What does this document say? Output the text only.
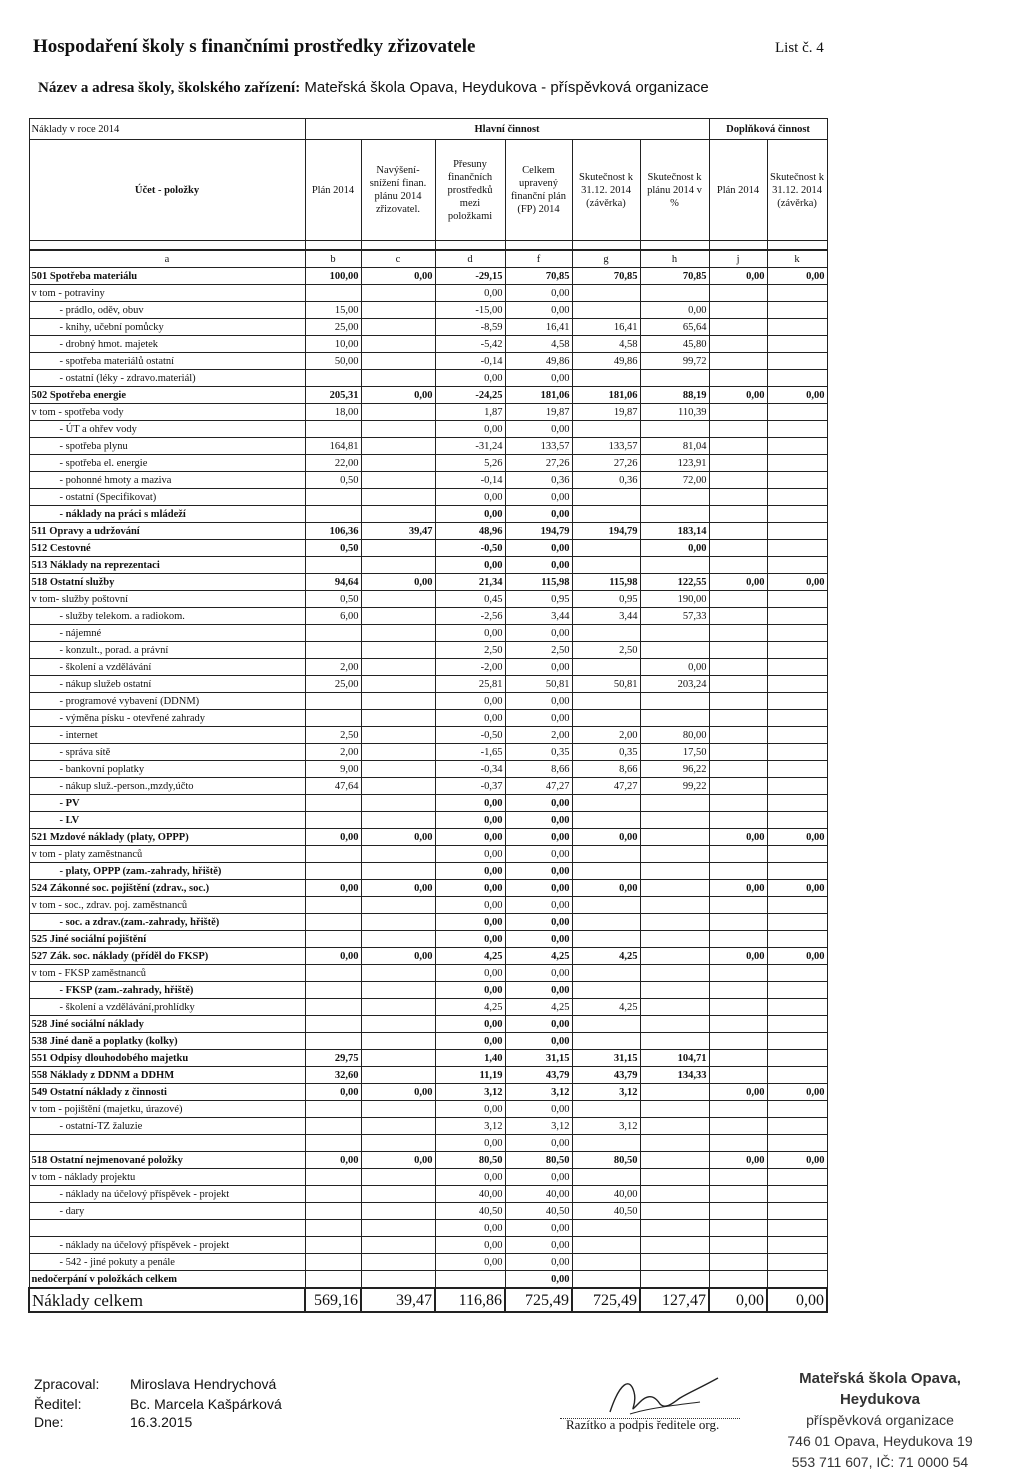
Hospodaření školy s finančními prostředky zřizovatele	List č. 4
Název a adresa školy, školského zařízení: Mateřská škola Opava, Heydukova - příspěvková organizace
Náklady v roce 2014	Hlavní činnost						Doplňková činnost	
Účet - položky	Plán 2014	Navýšení-snížení finan. plánu 2014 zřizovatel.	Přesuny finančních prostředků mezi položkami	Celkem upravený finanční plán (FP) 2014	Skutečnost k 31.12. 2014 (závěrka)	Skutečnost k plánu 2014 v %	Plán 2014	Skutečnost k 31.12. 2014 (závěrka)

a	b	c	d	f	g	h	j	k
501 Spotřeba materiálu	100,00	0,00	-29,15	70,85	70,85	70,85	0,00	0,00
v tom - potraviny			0,00	0,00				
- prádlo, oděv, obuv	15,00		-15,00	0,00		0,00		
- knihy, učební pomůcky	25,00		-8,59	16,41	16,41	65,64		
- drobný hmot. majetek	10,00		-5,42	4,58	4,58	45,80		
- spotřeba materiálů ostatní	50,00		-0,14	49,86	49,86	99,72		
- ostatní (léky - zdravo.materiál)			0,00	0,00				
502 Spotřeba energie	205,31	0,00	-24,25	181,06	181,06	88,19	0,00	0,00
v tom - spotřeba vody	18,00		1,87	19,87	19,87	110,39		
- ÚT a ohřev vody			0,00	0,00				
- spotřeba plynu	164,81		-31,24	133,57	133,57	81,04		
- spotřeba el. energie	22,00		5,26	27,26	27,26	123,91		
- pohonné hmoty a maziva	0,50		-0,14	0,36	0,36	72,00		
- ostatní (Specifikovat)			0,00	0,00				
- náklady na práci s mládeží			0,00	0,00				
511 Opravy a udržování	106,36	39,47	48,96	194,79	194,79	183,14		
512 Cestovné	0,50		-0,50	0,00		0,00		
513 Náklady na reprezentaci			0,00	0,00				
518 Ostatní služby	94,64	0,00	21,34	115,98	115,98	122,55	0,00	0,00
v tom- služby poštovní	0,50		0,45	0,95	0,95	190,00		
- služby telekom. a radiokom.	6,00		-2,56	3,44	3,44	57,33		
- nájemné			0,00	0,00				
- konzult., porad. a právní			2,50	2,50	2,50			
- školení a vzdělávání	2,00		-2,00	0,00		0,00		
- nákup služeb ostatní	25,00		25,81	50,81	50,81	203,24		
- programové vybavení (DDNM)			0,00	0,00				
- výměna písku - otevřené zahrady			0,00	0,00				
- internet	2,50		-0,50	2,00	2,00	80,00		
- správa sítě	2,00		-1,65	0,35	0,35	17,50		
- bankovní poplatky	9,00		-0,34	8,66	8,66	96,22		
- nákup služ.-person.,mzdy,účto	47,64		-0,37	47,27	47,27	99,22		
- PV			0,00	0,00				
- LV			0,00	0,00				
521 Mzdové náklady (platy, OPPP)	0,00	0,00	0,00	0,00	0,00		0,00	0,00
v tom - platy zaměstnanců			0,00	0,00				
- platy, OPPP (zam.-zahrady, hřiště)			0,00	0,00				
524 Zákonné soc. pojištění (zdrav., soc.)	0,00	0,00	0,00	0,00	0,00		0,00	0,00
v tom - soc., zdrav. poj. zaměstnanců			0,00	0,00				
- soc. a zdrav.(zam.-zahrady, hřiště)			0,00	0,00				
525 Jiné sociální pojištění			0,00	0,00				
527 Zák. soc. náklady (příděl do FKSP)	0,00	0,00	4,25	4,25	4,25		0,00	0,00
v tom - FKSP zaměstnanců			0,00	0,00				
- FKSP (zam.-zahrady, hřiště)			0,00	0,00				
- školení a vzdělávání,prohlídky			4,25	4,25	4,25			
528 Jiné sociální náklady			0,00	0,00				
538 Jiné daně a poplatky (kolky)			0,00	0,00				
551 Odpisy dlouhodobého majetku	29,75		1,40	31,15	31,15	104,71		
558 Náklady z DDNM a DDHM	32,60		11,19	43,79	43,79	134,33		
549 Ostatní náklady z činnosti	0,00	0,00	3,12	3,12	3,12		0,00	0,00
v tom - pojištění (majetku, úrazové)			0,00	0,00				
- ostatní-TZ žaluzie			3,12	3,12	3,12			
			0,00	0,00				
518 Ostatní nejmenované položky	0,00	0,00	80,50	80,50	80,50		0,00	0,00
v tom - náklady projektu			0,00	0,00				
- náklady na účelový příspěvek - projekt			40,00	40,00	40,00			
- dary			40,50	40,50	40,50			
			0,00	0,00				
- náklady na účelový příspěvek - projekt			0,00	0,00				
- 542 - jiné pokuty a penále			0,00	0,00				
nedočerpání v položkách celkem				0,00				
Náklady celkem	569,16	39,47	116,86	725,49	725,49	127,47	0,00	0,00
Zpracoval: Miroslava Hendrychová
Ředitel:	Bc. Marcela Kašpárková
Dne:	16.3.2015	Razítko a podpis ředitele org.
Mateřská škola Opava, Heydukova
příspěvková organizace
746 01 Opava, Heydukova 19
553 711 607, IČ: 71 0000 54
